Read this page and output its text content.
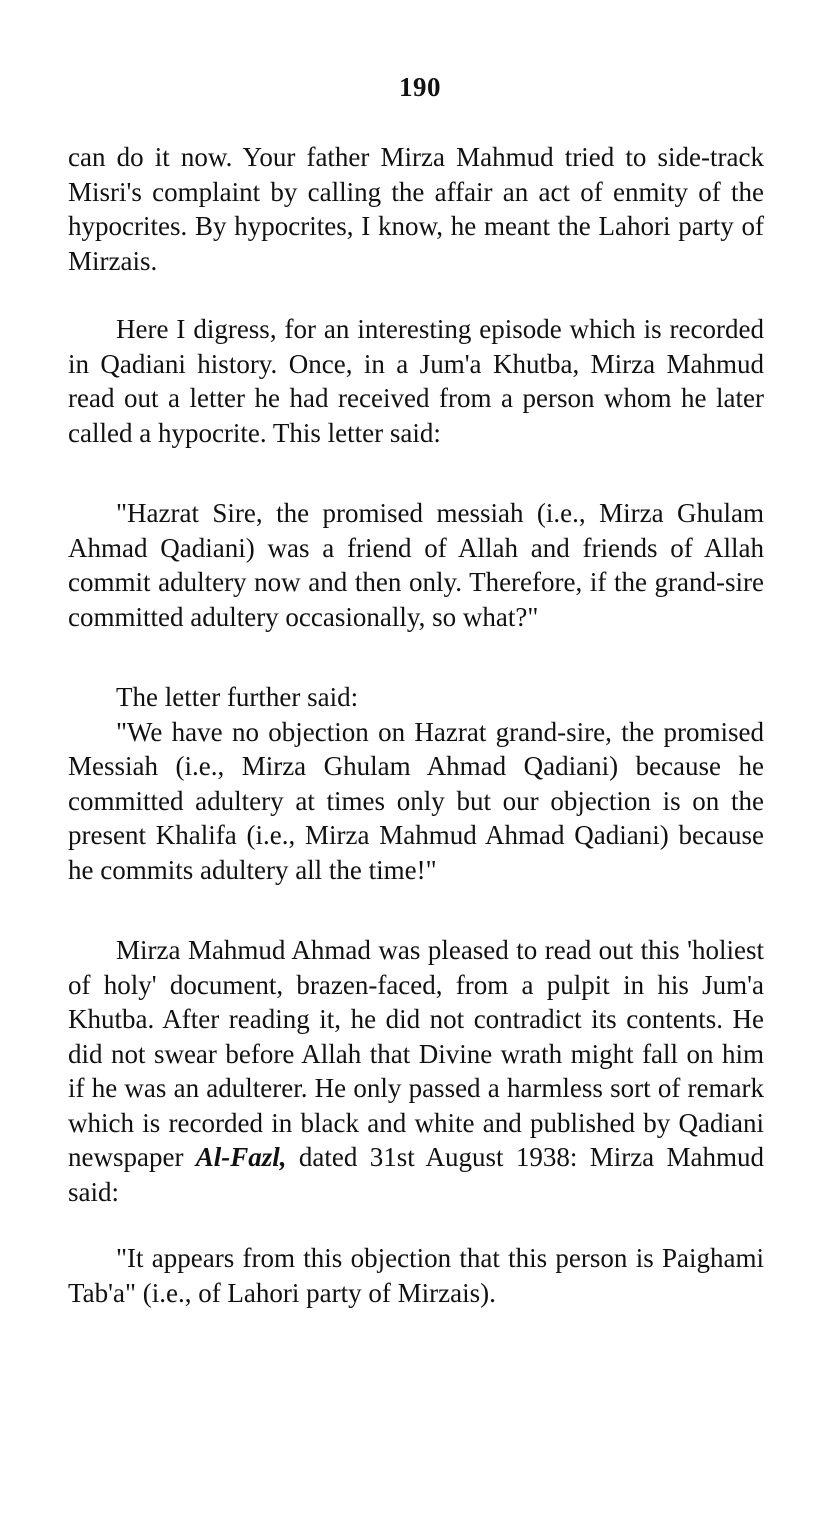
190

can do it now. Your father Mirza Mahmud tried to side-track Misri's complaint by calling the affair an act of enmity of the hypocrites. By hypocrites, I know, he meant the Lahori party of Mirzais.

Here I digress, for an interesting episode which is recorded in Qadiani history. Once, in a Jum'a Khutba, Mirza Mahmud read out a letter he had received from a person whom he later called a hypocrite. This letter said:

"Hazrat Sire, the promised messiah (i.e., Mirza Ghulam Ahmad Qadiani) was a friend of Allah and friends of Allah commit adultery now and then only. Therefore, if the grand-sire committed adultery occasionally, so what?"

The letter further said:

"We have no objection on Hazrat grand-sire, the promised Messiah (i.e., Mirza Ghulam Ahmad Qadiani) because he committed adultery at times only but our objection is on the present Khalifa (i.e., Mirza Mahmud Ahmad Qadiani) because he commits adultery all the time!"

Mirza Mahmud Ahmad was pleased to read out this 'holiest of holy' document, brazen-faced, from a pulpit in his Jum'a Khutba. After reading it, he did not contradict its contents. He did not swear before Allah that Divine wrath might fall on him if he was an adulterer. He only passed a harmless sort of remark which is recorded in black and white and published by Qadiani newspaper Al-Fazl, dated 31st August 1938: Mirza Mahmud said:

"It appears from this objection that this person is Paighami Tab'a" (i.e., of Lahori party of Mirzais).
